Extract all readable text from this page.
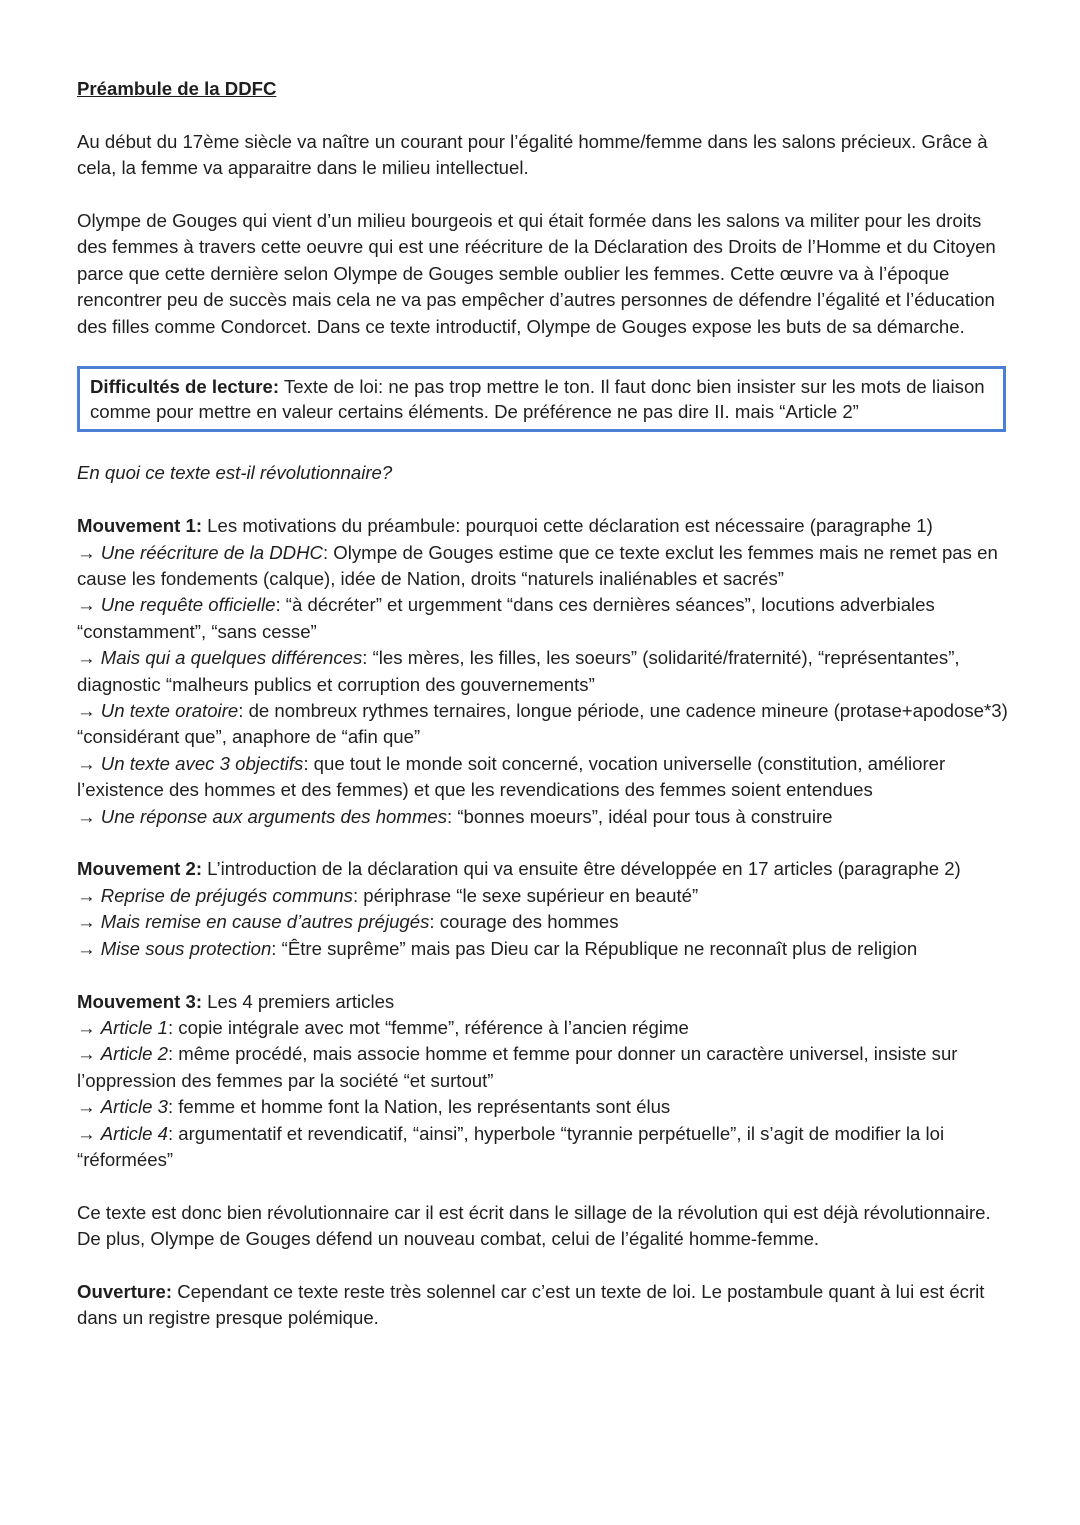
Préambule de la DDFC

Au début du 17ème siècle va naître un courant pour l’égalité homme/femme dans les salons précieux. Grâce à cela, la femme va apparaitre dans le milieu intellectuel.

Olympe de Gouges qui vient d’un milieu bourgeois et qui était formée dans les salons va militer pour les droits des femmes à travers cette oeuvre qui est une réécriture de la Déclaration des Droits de l’Homme et du Citoyen parce que cette dernière selon Olympe de Gouges semble oublier les femmes. Cette œuvre va à l’époque rencontrer peu de succès mais cela ne va pas empêcher d’autres personnes de défendre l’égalité et l’éducation des filles comme Condorcet. Dans ce texte introductif, Olympe de Gouges expose les buts de sa démarche.

Difficultés de lecture: Texte de loi: ne pas trop mettre le ton. Il faut donc bien insister sur les mots de liaison comme pour mettre en valeur certains éléments. De préférence ne pas dire II. mais “Article 2”
En quoi ce texte est-il révolutionnaire?

Mouvement 1: Les motivations du préambule: pourquoi cette déclaration est nécessaire (paragraphe 1)
→ Une réécriture de la DDHC: Olympe de Gouges estime que ce texte exclut les femmes mais ne remet pas en cause les fondements (calque), idée de Nation, droits “naturels inaliénables et sacrés”
→ Une requête officielle: “à décréter” et urgemment “dans ces dernières séances”, locutions adverbiales “constamment”, “sans cesse”
→ Mais qui a quelques différences: “les mères, les filles, les soeurs” (solidarité/fraternité), “représentantes”, diagnostic “malheurs publics et corruption des gouvernements”
→ Un texte oratoire: de nombreux rythmes ternaires, longue période, une cadence mineure (protase+apodose*3) “considérant que”, anaphore de “afin que”
→ Un texte avec 3 objectifs: que tout le monde soit concerné, vocation universelle (constitution, améliorer l’existence des hommes et des femmes) et que les revendications des femmes soient entendues
→ Une réponse aux arguments des hommes: “bonnes moeurs”, idéal pour tous à construire

Mouvement 2: L’introduction de la déclaration qui va ensuite être développée en 17 articles (paragraphe 2)
→ Reprise de préjugés communs: périphrase “le sexe supérieur en beauté”
→ Mais remise en cause d’autres préjugés: courage des hommes
→ Mise sous protection: “Être suprême” mais pas Dieu car la République ne reconnaît plus de religion

Mouvement 3: Les 4 premiers articles
→ Article 1: copie intégrale avec mot “femme”, référence à l’ancien régime
→ Article 2: même procédé, mais associe homme et femme pour donner un caractère universel, insiste sur l’oppression des femmes par la société “et surtout”
→ Article 3: femme et homme font la Nation, les représentants sont élus
→ Article 4: argumentatif et revendicatif, “ainsi”, hyperbole “tyrannie perpétuelle”, il s’agit de modifier la loi “réformées”

Ce texte est donc bien révolutionnaire car il est écrit dans le sillage de la révolution qui est déjà révolutionnaire. De plus, Olympe de Gouges défend un nouveau combat, celui de l’égalité homme-femme.

Ouverture: Cependant ce texte reste très solennel car c’est un texte de loi. Le postambule quant à lui est écrit dans un registre presque polémique.
